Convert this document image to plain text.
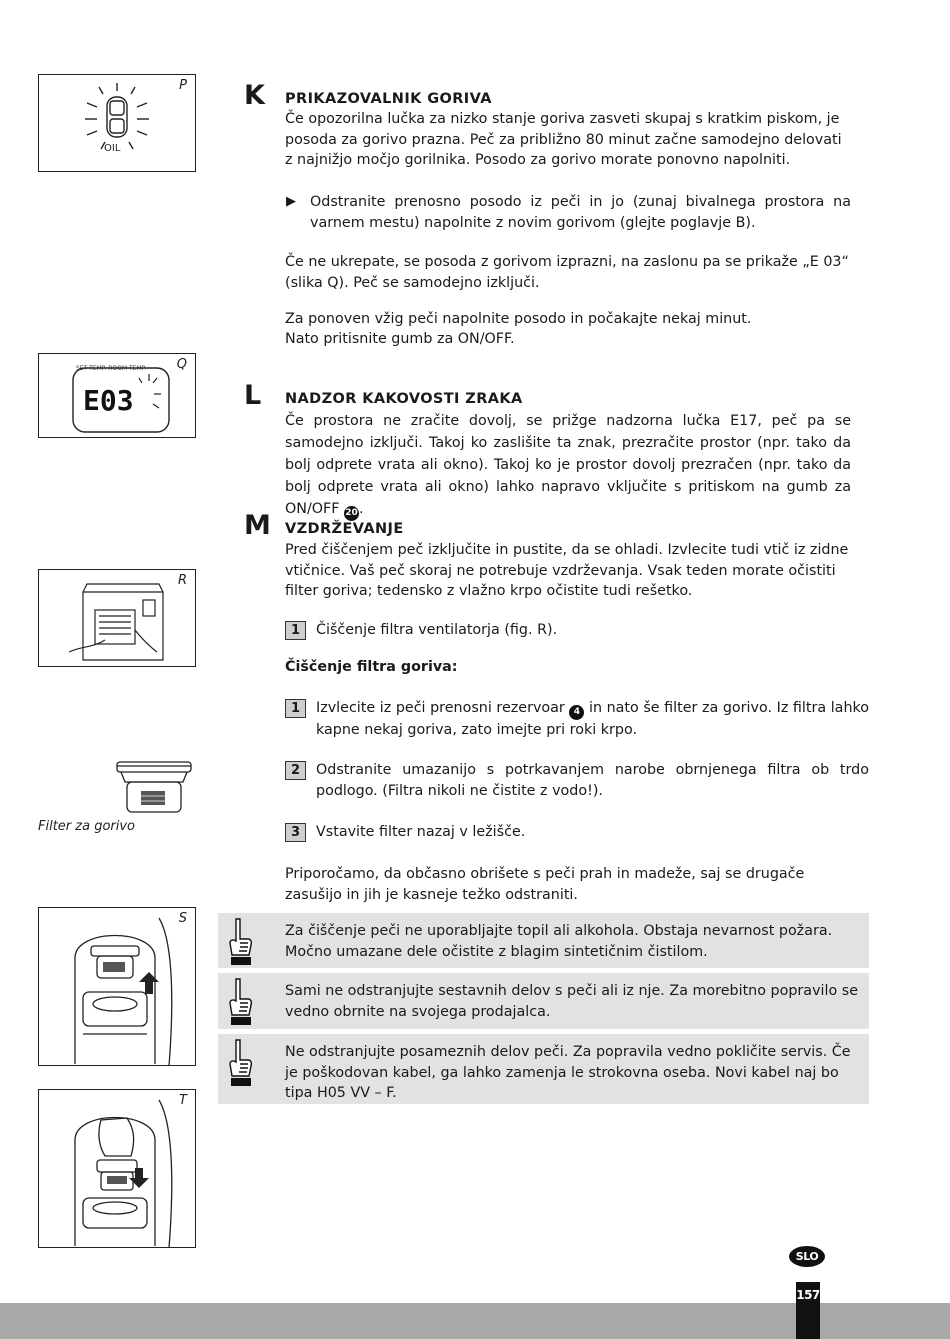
P
OIL
Q
SET TEMP. ROOM TEMP.
E03
R
Filter za gorivo
S
T
K PRIKAZOVALNIK GORIVA
Če opozorilna lučka za nizko stanje goriva zasveti skupaj s kratkim piskom, je posoda za gorivo prazna. Peč za približno 80 minut začne samodejno delovati z najnižjo močjo gorilnika. Posodo za gorivo morate ponovno napolniti.
▶ Odstranite prenosno posodo iz peči in jo (zunaj bivalnega prostora na varnem mestu) napolnite z novim gorivom (glejte poglavje B).
Če ne ukrepate, se posoda z gorivom izprazni, na zaslonu pa se prikaže „E 03“ (slika Q). Peč se samodejno izklјuči.
Za ponoven vžig peči napolnite posodo in počakajte nekaj minut.
Nato pritisnite gumb za ON/OFF.
L NADZOR KAKOVOSTI ZRAKA
Če prostora ne zračite dovolj, se prižge nadzorna lučka E17, peč pa se samodejno izklјuči. Takoj ko zaslišite ta znak, prezračite prostor (npr. tako da bolj odprete vrata ali okno). Takoj ko je prostor dovolj prezračen (npr. tako da bolj odprete vrata ali okno) lahko napravo vklјučite s pritiskom na gumb za ON/OFF 20.
M VZDRŽEVANJE
Pred čiščenjem peč izklјučite in pustite, da se ohladi. Izvlecite tudi vtič iz zidne vtičnice. Vaš peč skoraj ne potrebuje vzdrževanja. Vsak teden morate očistiti filter goriva; tedensko z vlažno krpo očistite tudi rešetko.
1	Čiščenje filtra ventilatorja (fig. R).
Čiščenje filtra goriva:
1	Izvlecite iz peči prenosni rezervoar 4 in nato še filter za gorivo. Iz filtra lahko kapne nekaj goriva, zato imejte pri roki krpo.
2	Odstranite umazanijo s potrkavanjem narobe obrnjenega filtra ob trdo podlogo. (Filtra nikoli ne čistite z vodo!).
3	Vstavite filter nazaj v ležišče.
Priporočamo, da občasno obrišete s peči prah in madeže, saj se drugače zasušijo in jih je kasneje težko odstraniti.
Za čiščenje peči ne uporabljajte topil ali alkohola. Obstaja nevarnost požara. Močno umazane dele očistite z blagim sintetičnim čistilom.
Sami ne odstranjujte sestavnih delov s peči ali iz nje. Za morebitno popravilo se vedno obrnite na svojega prodajalca.
Ne odstranjujte posameznih delov peči. Za popravila vedno pokličite servis. Če je poškodovan kabel, ga lahko zamenja le strokovna oseba. Novi kabel naj bo tipa H05 VV – F.
SLO
157
